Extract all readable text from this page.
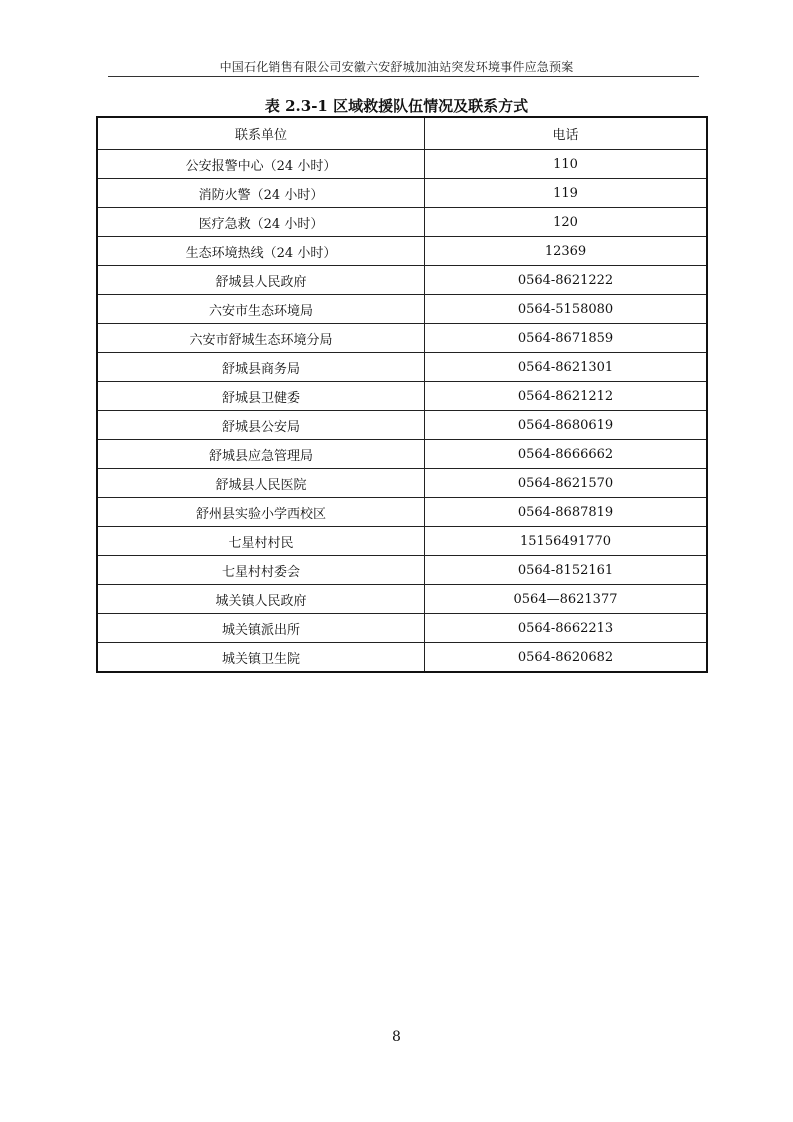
中国石化销售有限公司安徽六安舒城加油站突发环境事件应急预案
表 2.3-1 区域救援队伍情况及联系方式
联系单位	电话
公安报警中心（24 小时）	110
消防火警（24 小时）	119
医疗急救（24 小时）	120
生态环境热线（24 小时）	12369
舒城县人民政府	0564-8621222
六安市生态环境局	0564-5158080
六安市舒城生态环境分局	0564-8671859
舒城县商务局	0564-8621301
舒城县卫健委	0564-8621212
舒城县公安局	0564-8680619
舒城县应急管理局	0564-8666662
舒城县人民医院	0564-8621570
舒州县实验小学西校区	0564-8687819
七星村村民	15156491770
七星村村委会	0564-8152161
城关镇人民政府	0564—8621377
城关镇派出所	0564-8662213
城关镇卫生院	0564-8620682
8
